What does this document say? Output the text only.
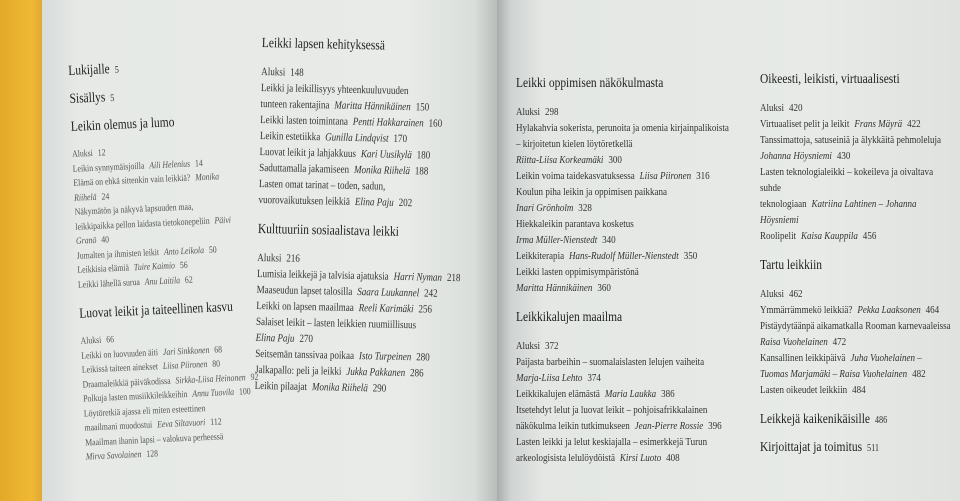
Lukijalle 5
Sisällys 5
Leikin olemus ja lumo
Aluksi 12
Leikin synnymäisjoilla Aili Helenius 14
Elämä on ehkä sittenkin vain leikkiä? Monika Riihelä 24
Näkymätön ja näkyvä lapsuuden maa,
leikkipaikka pellon laidasta tietokonepeliin Päivi Granö 40
Jumalten ja ihmisten leikit Anto Leikola 50
Leikkisiа elämiä Tuire Kaimio 56
Leikki lähellä surua Anu Laitila 62
Luovat leikit ja taiteellinen kasvu
Aluksi 66
Leikki on luovuuden äiti Jari Sinkkonen 68
Leikissä taiteen ainekset Liisa Piironen 80
Draamaleikkiä päiväkodissa Sirkka-Liisa Heinonen 92
Polkuja lasten musiikkileikkeihin Annu Tuovila 100
Löytöretkiä ajassa eli miten esteettinen
maailmani muodostui Eeva Siltavuori 112
Maailman ihanin lapsi – valokuva perheessä
Mirva Savolainen 128
Leikki lapsen kehityksessä
Aluksi 148
Leikki ja leikillisyys yhteenkuuluvuuden
tunteen rakentajina Maritta Hännikäinen 150
Leikki lasten toimintana Pentti Hakkarainen 160
Leikin estetiikka Gunilla Lindqvist 170
Luovat leikit ja lahjakkuus Kari Uusikylä 180
Saduttamalla jakamiseen Monika Riihelä 188
Lasten omat tarinat – toden, sadun,
vuorovaikutuksen leikkiä Elina Paju 202
Kulttuuriin sosiaalistava leikki
Aluksi 216
Lumisia leikkejä ja talvisia ajatuksia Harri Nyman 218
Maaseudun lapset talosilla Saara Luukannel 242
Leikki on lapsen maailmaa Reeli Karimäki 256
Salaiset leikit – lasten leikkien ruumiillisuus
Elina Paju 270
Seitsemän tanssivaa poikaa Isto Turpeinen 280
Jalkapallo: peli ja leikki Jukka Pakkanen 286
Leikin pilaajat Monika Riihelä 290
Leikki oppimisen näkökulmasta
Aluksi 298
Hylakahvia sokerista, perunoita ja omenia kirjainpalikoista
– kirjoitetun kielen löytöretkellä
Riitta-Liisa Korkeamäki 300
Leikin voima taidekasvatuksessa Liisa Piironen 316
Koulun piha leikin ja oppimisen paikkana
Inari Grönholm 328
Hiekkaleikin parantava kosketus
Irma Müller-Nienstedt 340
Leikkiterapia Hans-Rudolf Müller-Nienstedt 350
Leikki lasten oppimisympäristönä
Maritta Hännikäinen 360
Leikkikalujen maailma
Aluksi 372
Paijasta barbeihin – suomalaislasten lelujen vaiheita
Marja-Liisa Lehto 374
Leikkikalujen elämästä Maria Laukka 386
Itsetehdyt lelut ja luovat leikit – pohjoisafrikkalainen
näkökulma leikin tutkimukseen Jean-Pierre Rossie 396
Lasten leikki ja lelut keskiajalla – esimerkkejä Turun
arkeologisista lelulöydöistä Kirsi Luoto 408
Oikeesti, leikisti, virtuaalisesti
Aluksi 420
Virtuaaliset pelit ja leikit Frans Mäyrä 422
Tanssimattoja, satuseiniä ja älykkäitä pehmoleluja
Johanna Höysniemi 430
Lasten teknologialeikki – kokeileva ja oivaltava suhde
teknologiaan Katriina Lahtinen – Johanna Höysniemi
Roolipelit Kaisa Kauppila 456
Tartu leikkiin
Aluksi 462
Ymmärrämmekö leikkiä? Pekka Laaksonen 464
Pistäydytäänpä aikamatkalla Rooman karnevaaleissa
Raisa Vuohelainen 472
Kansallinen leikkipäivä Juha Vuohelainen –
Tuomas Marjamäki – Raisa Vuohelainen 482
Lasten oikeudet leikkiin 484
Leikkejä kaikenikäisille 486
Kirjoittajat ja toimitus 511
